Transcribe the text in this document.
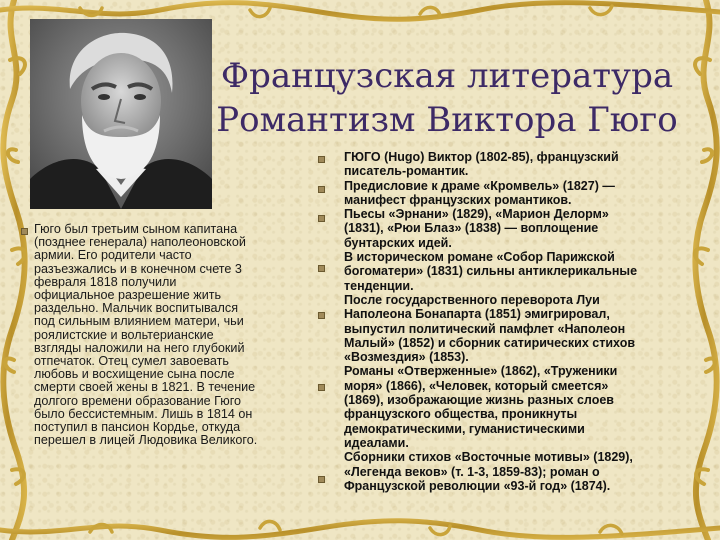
Французская литература
Романтизм Виктора Гюго
Гюго был третьим сыном капитана
(позднее генерала) наполеоновской
армии. Его родители часто
разъезжались и в конечном счете 3
февраля 1818 получили
официальное разрешение жить
раздельно. Мальчик воспитывался
под сильным влиянием матери, чьи
роялистские и вольтерианские
взгляды наложили на него глубокий
отпечаток. Отец сумел завоевать
любовь и восхищение сына после
смерти своей жены в 1821. В течение
долгого времени образование Гюго
было бессистемным. Лишь в 1814 он
поступил в пансион Кордье, откуда
перешел в лицей Людовика Великого.
ГЮГО (Hugo) Виктор (1802-85), французский
писатель-романтик.
Предисловие к драме «Кромвель» (1827) —
манифест французских романтиков.
Пьесы «Эрнани» (1829), «Марион Делорм»
(1831), «Рюи Блаз» (1838) — воплощение
бунтарских идей.
В историческом романе «Собор Парижской
богоматери» (1831) сильны антиклерикальные
тенденции.
После государственного переворота Луи
Наполеона Бонапарта (1851) эмигрировал,
выпустил политический памфлет «Наполеон
Малый» (1852) и сборник сатирических стихов
«Возмездия» (1853).
Романы «Отверженные» (1862), «Труженики
моря» (1866), «Человек, который смеется»
(1869), изображающие жизнь разных слоев
французского общества, проникнуты
демократическими, гуманистическими
идеалами.
Сборники стихов «Восточные мотивы» (1829),
«Легенда веков» (т. 1-3, 1859-83); роман о
Французской революции «93-й год» (1874).
